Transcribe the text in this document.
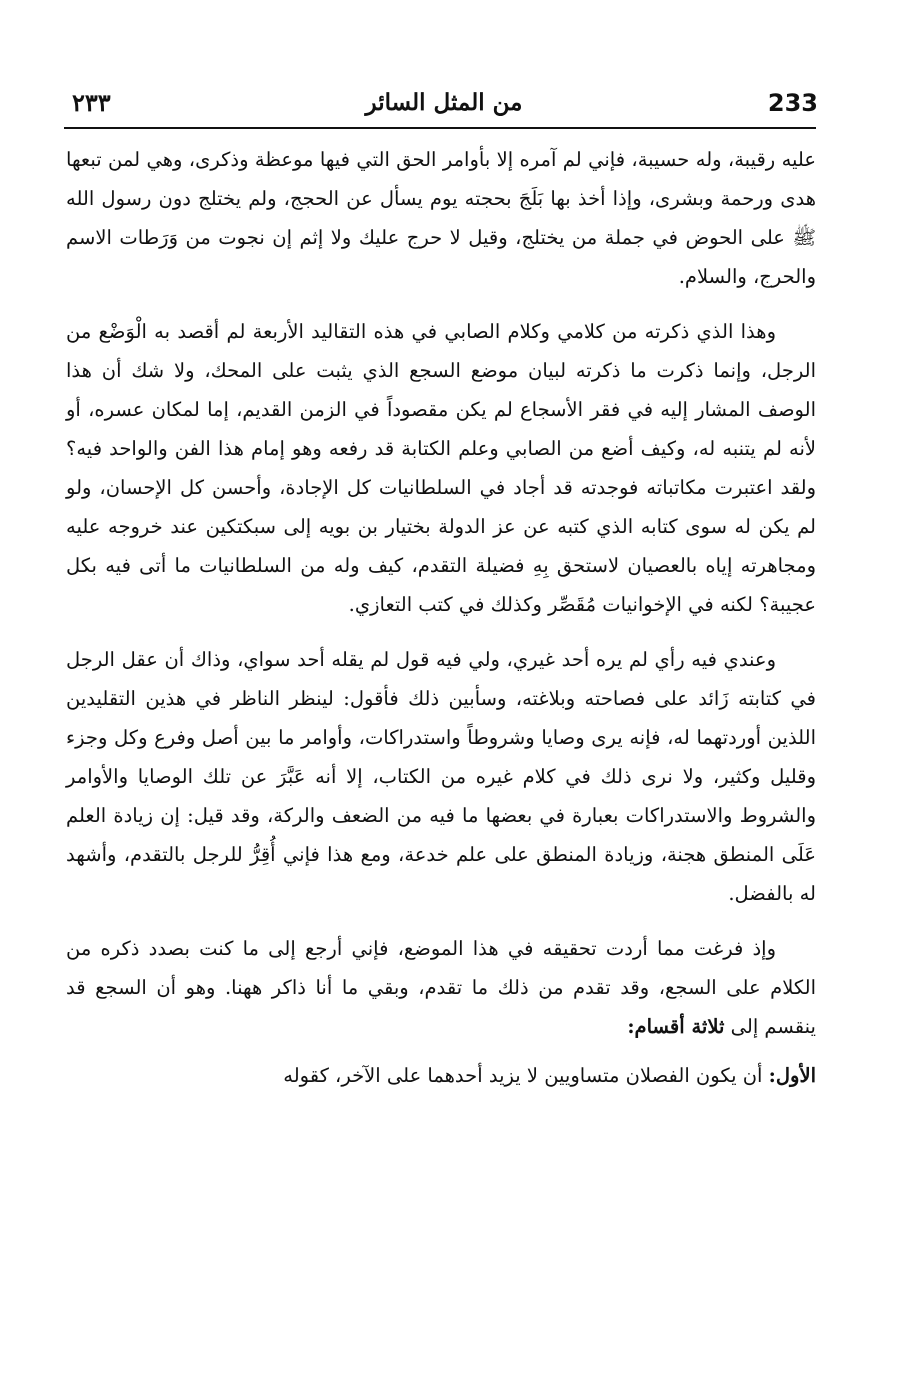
233
من المثل السائر
٢٣٣

عليه رقيبة، وله حسيبة، فإني لم آمره إلا بأوامر الحق التي فيها موعظة وذكرى، وهي لمن تبعها هدى ورحمة وبشرى، وإذا أخذ بها بَلَجَ بحجته يوم يسأل عن الحجج، ولم يختلج دون رسول الله ﷺ على الحوض في جملة من يختلج، وقيل لا حرج عليك ولا إثم إن نجوت من وَرَطات الاسم والحرج، والسلام.

وهذا الذي ذكرته من كلامي وكلام الصابي في هذه التقاليد الأربعة لم أقصد به الْوَضْع من الرجل، وإنما ذكرت ما ذكرته لبيان موضع السجع الذي يثبت على المحك، ولا شك أن هذا الوصف المشار إليه في فقر الأسجاع لم يكن مقصوداً في الزمن القديم، إما لمكان عسره، أو لأنه لم يتنبه له، وكيف أضع من الصابي وعلم الكتابة قد رفعه وهو إمام هذا الفن والواحد فيه؟ ولقد اعتبرت مكاتباته فوجدته قد أجاد في السلطانيات كل الإجادة، وأحسن كل الإحسان، ولو لم يكن له سوى كتابه الذي كتبه عن عز الدولة بختيار بن بويه إلى سبكتكين عند خروجه عليه ومجاهرته إياه بالعصيان لاستحق بِهِ فضيلة التقدم، كيف وله من السلطانيات ما أتى فيه بكل عجيبة؟ لكنه في الإخوانيات مُقَصِّر وكذلك في كتب التعازي.

وعندي فيه رأي لم يره أحد غيري، ولي فيه قول لم يقله أحد سواي، وذاك أن عقل الرجل في كتابته زَائد على فصاحته وبلاغته، وسأبين ذلك فأقول: لينظر الناظر في هذين التقليدين اللذين أوردتهما له، فإنه يرى وصايا وشروطاً واستدراكات، وأوامر ما بين أصل وفرع وكل وجزء وقليل وكثير، ولا نرى ذلك في كلام غيره من الكتاب، إلا أنه عَبَّرَ عن تلك الوصايا والأوامر والشروط والاستدراكات بعبارة في بعضها ما فيه من الضعف والركة، وقد قيل: إن زيادة العلم عَلَى المنطق هجنة، وزيادة المنطق على علم خدعة، ومع هذا فإني أُقِرُّ للرجل بالتقدم، وأشهد له بالفضل.

وإذ فرغت مما أردت تحقيقه في هذا الموضع، فإني أرجع إلى ما كنت بصدد ذكره من الكلام على السجع، وقد تقدم من ذلك ما تقدم، وبقي ما أنا ذاكر ههنا. وهو أن السجع قد ينقسم إلى ثلاثة أقسام:

الأول: أن يكون الفصلان متساويين لا يزيد أحدهما على الآخر، كقوله
